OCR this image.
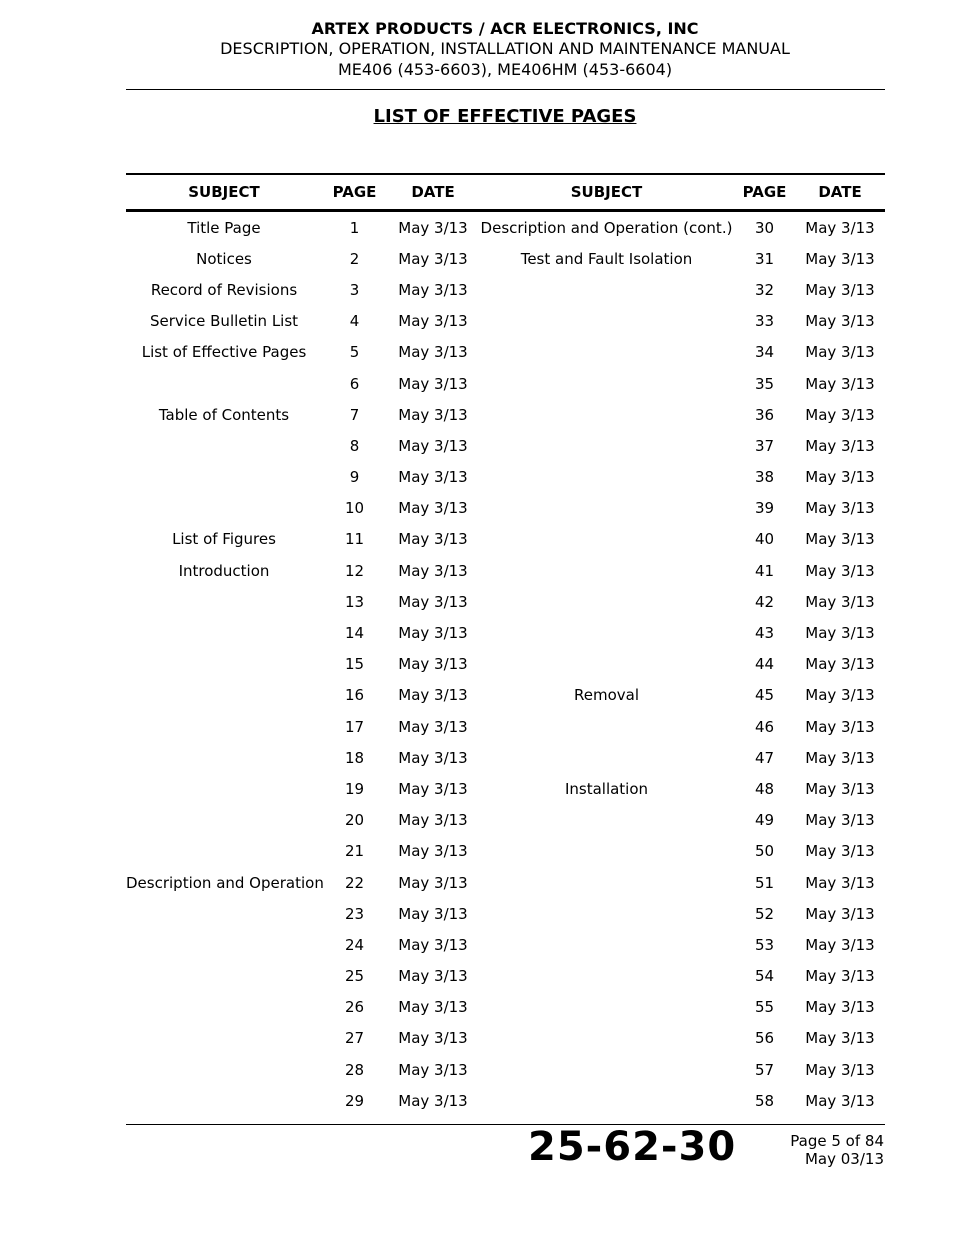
ARTEX PRODUCTS / ACR ELECTRONICS, INC
DESCRIPTION, OPERATION, INSTALLATION AND MAINTENANCE MANUAL
ME406 (453-6603), ME406HM (453-6604)
LIST OF EFFECTIVE PAGES
SUBJECT	PAGE	DATE	SUBJECT	PAGE	DATE
Title Page	1	May 3/13	Description and Operation (cont.)	30	May 3/13
Notices	2	May 3/13	Test and Fault Isolation	31	May 3/13
Record of Revisions	3	May 3/13		32	May 3/13
Service Bulletin List	4	May 3/13		33	May 3/13
List of Effective Pages	5	May 3/13		34	May 3/13
	6	May 3/13		35	May 3/13
Table of Contents	7	May 3/13		36	May 3/13
	8	May 3/13		37	May 3/13
	9	May 3/13		38	May 3/13
	10	May 3/13		39	May 3/13
List of Figures	11	May 3/13		40	May 3/13
Introduction	12	May 3/13		41	May 3/13
	13	May 3/13		42	May 3/13
	14	May 3/13		43	May 3/13
	15	May 3/13		44	May 3/13
	16	May 3/13	Removal	45	May 3/13
	17	May 3/13		46	May 3/13
	18	May 3/13		47	May 3/13
	19	May 3/13	Installation	48	May 3/13
	20	May 3/13		49	May 3/13
	21	May 3/13		50	May 3/13
Description and Operation	22	May 3/13		51	May 3/13
	23	May 3/13		52	May 3/13
	24	May 3/13		53	May 3/13
	25	May 3/13		54	May 3/13
	26	May 3/13		55	May 3/13
	27	May 3/13		56	May 3/13
	28	May 3/13		57	May 3/13
	29	May 3/13		58	May 3/13
25-62-30	Page 5 of 84
May 03/13
